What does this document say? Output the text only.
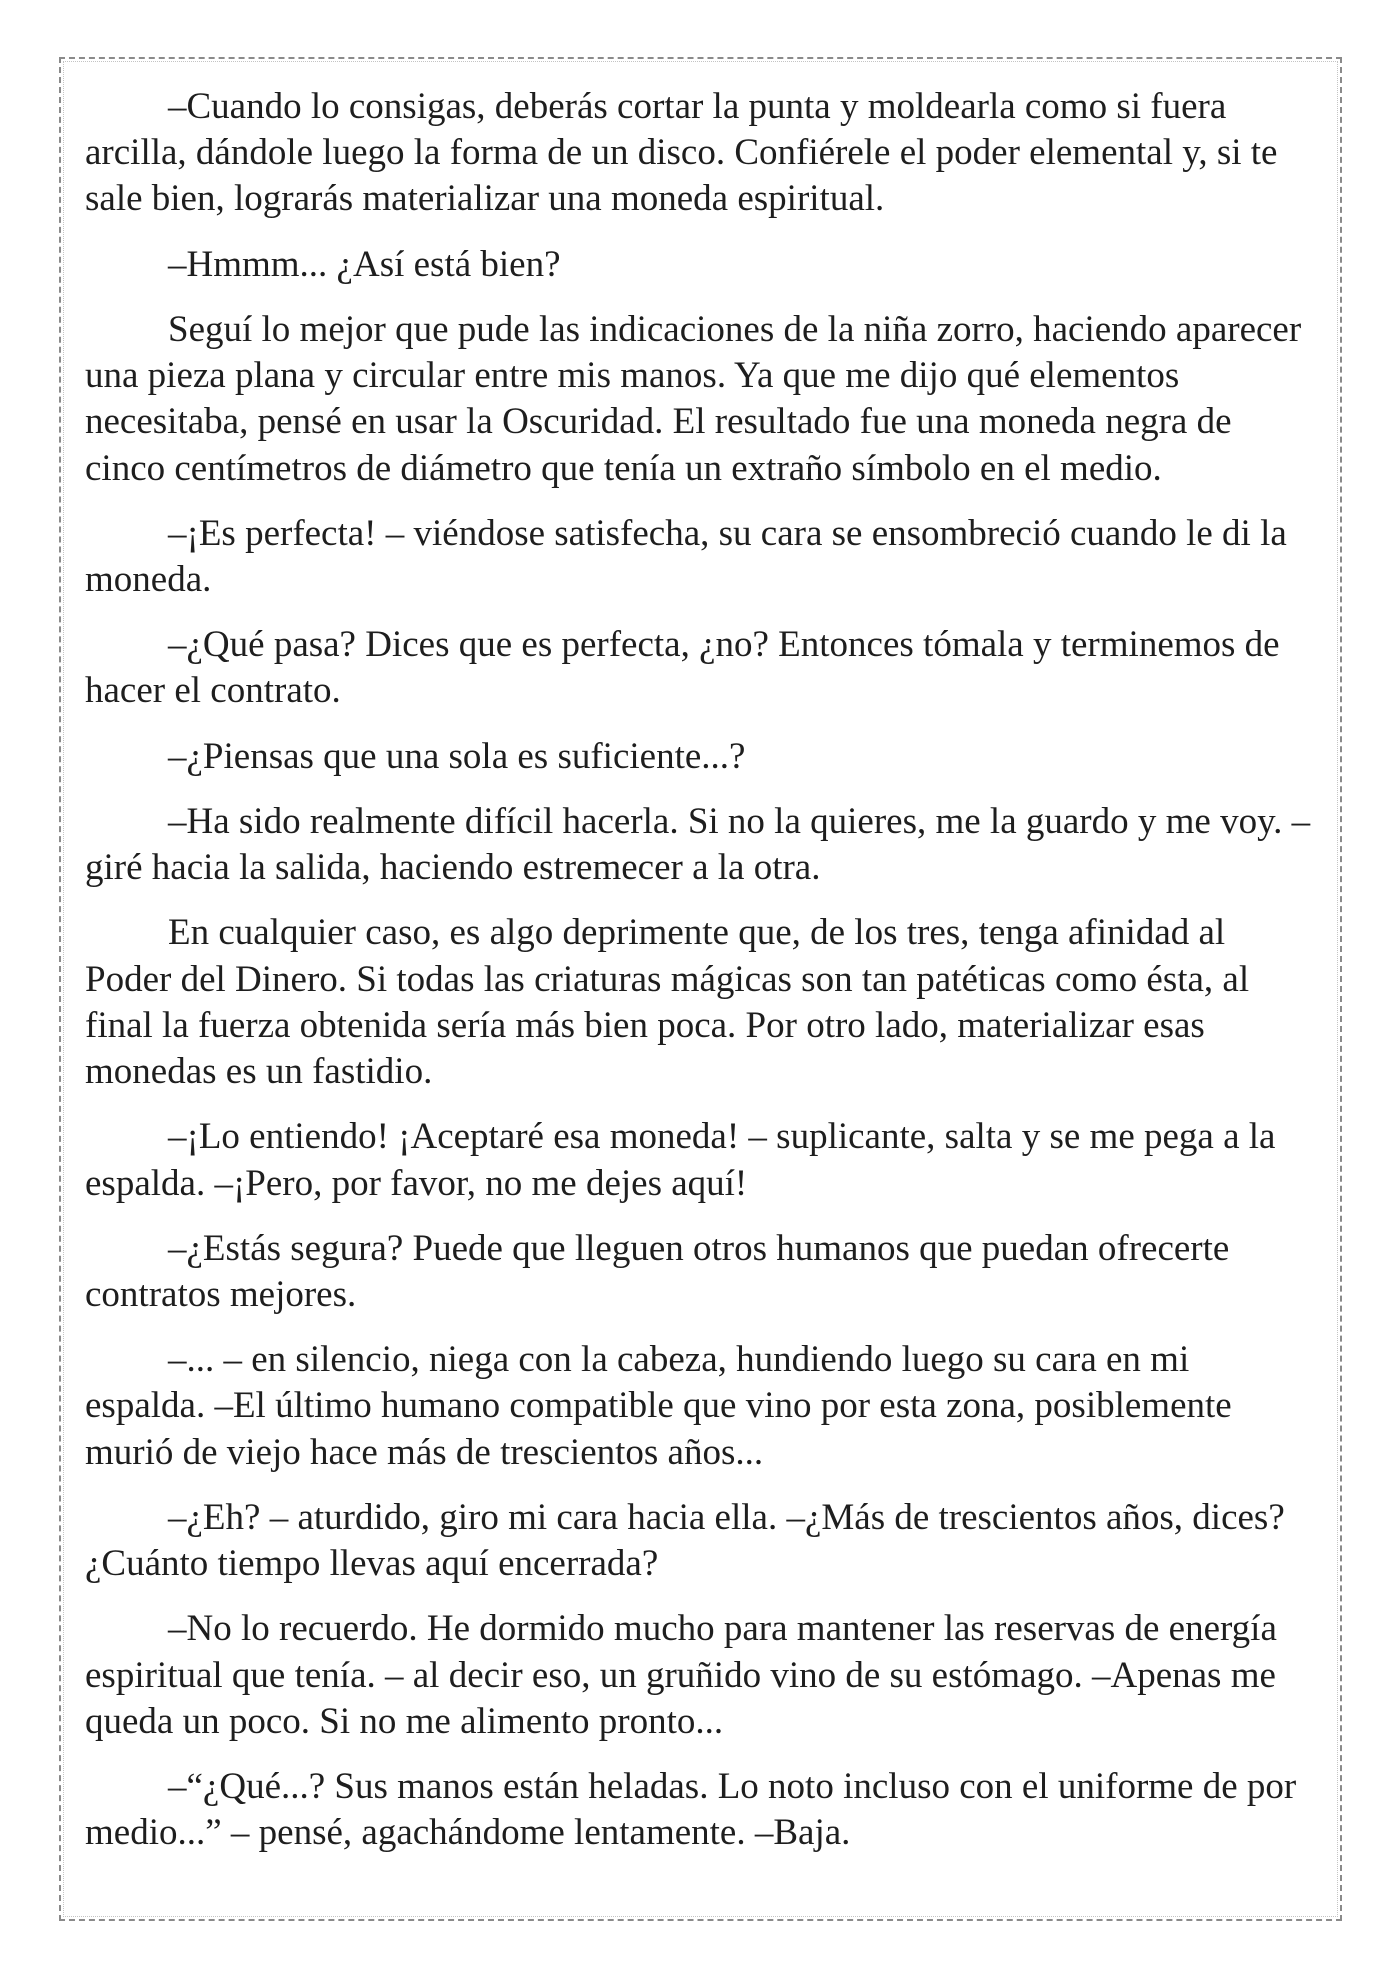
–Cuando lo consigas, deberás cortar la punta y moldearla como si fuera
arcilla, dándole luego la forma de un disco. Confiérele el poder elemental y, si te
sale bien, lograrás materializar una moneda espiritual.
–Hmmm... ¿Así está bien?
Seguí lo mejor que pude las indicaciones de la niña zorro, haciendo aparecer
una pieza plana y circular entre mis manos. Ya que me dijo qué elementos
necesitaba, pensé en usar la Oscuridad. El resultado fue una moneda negra de
cinco centímetros de diámetro que tenía un extraño símbolo en el medio.
–¡Es perfecta! – viéndose satisfecha, su cara se ensombreció cuando le di la
moneda.
–¿Qué pasa? Dices que es perfecta, ¿no? Entonces tómala y terminemos de
hacer el contrato.
–¿Piensas que una sola es suficiente...?
–Ha sido realmente difícil hacerla. Si no la quieres, me la guardo y me voy. –
giré hacia la salida, haciendo estremecer a la otra.
En cualquier caso, es algo deprimente que, de los tres, tenga afinidad al
Poder del Dinero. Si todas las criaturas mágicas son tan patéticas como ésta, al
final la fuerza obtenida sería más bien poca. Por otro lado, materializar esas
monedas es un fastidio.
–¡Lo entiendo! ¡Aceptaré esa moneda! – suplicante, salta y se me pega a la
espalda. –¡Pero, por favor, no me dejes aquí!
–¿Estás segura? Puede que lleguen otros humanos que puedan ofrecerte
contratos mejores.
–... – en silencio, niega con la cabeza, hundiendo luego su cara en mi
espalda. –El último humano compatible que vino por esta zona, posiblemente
murió de viejo hace más de trescientos años...
–¿Eh? – aturdido, giro mi cara hacia ella. –¿Más de trescientos años, dices?
¿Cuánto tiempo llevas aquí encerrada?
–No lo recuerdo. He dormido mucho para mantener las reservas de energía
espiritual que tenía. – al decir eso, un gruñido vino de su estómago. –Apenas me
queda un poco. Si no me alimento pronto...
–“¿Qué...? Sus manos están heladas. Lo noto incluso con el uniforme de por
medio...” – pensé, agachándome lentamente. –Baja.
